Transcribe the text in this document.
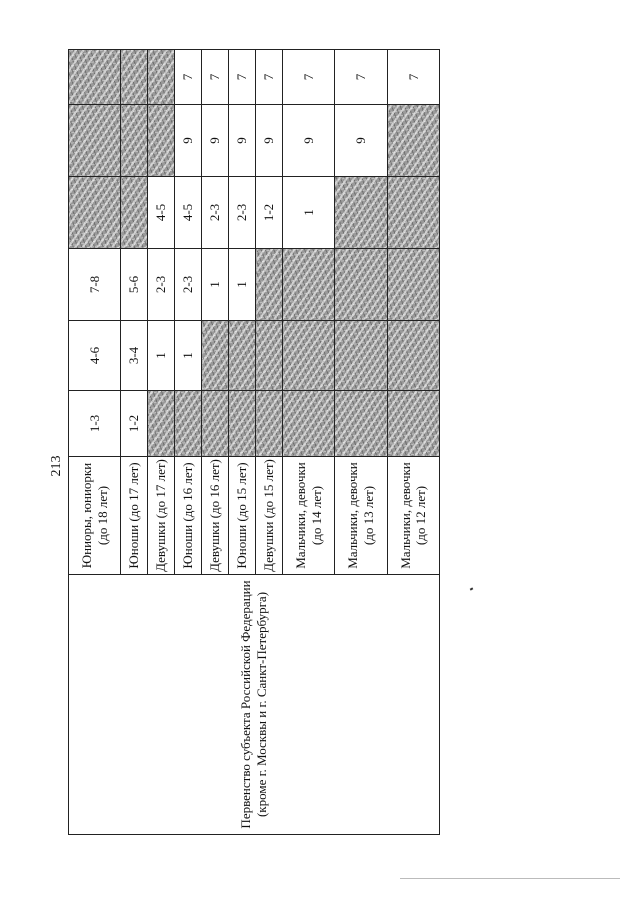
213
Первенство субъекта Российской Федерации (кроме г. Москвы и г. Санкт-Петербурга)	Юниоры, юниорки (до 18 лет)	1-3	4-6	7-8			
	Юноши (до 17 лет)	1-2	3-4	5-6			
	Девушки (до 17 лет)		1	2-3	4-5		
	Юноши (до 16 лет)		1	2-3	4-5	9	7
	Девушки (до 16 лет)			1	2-3	9	7
	Юноши (до 15 лет)			1	2-3	9	7
	Девушки (до 15 лет)				1-2	9	7
	Мальчики, девочки (до 14 лет)				1	9	7
	Мальчики, девочки (до 13 лет)					9	7
	Мальчики, девочки (до 12 лет)						7
